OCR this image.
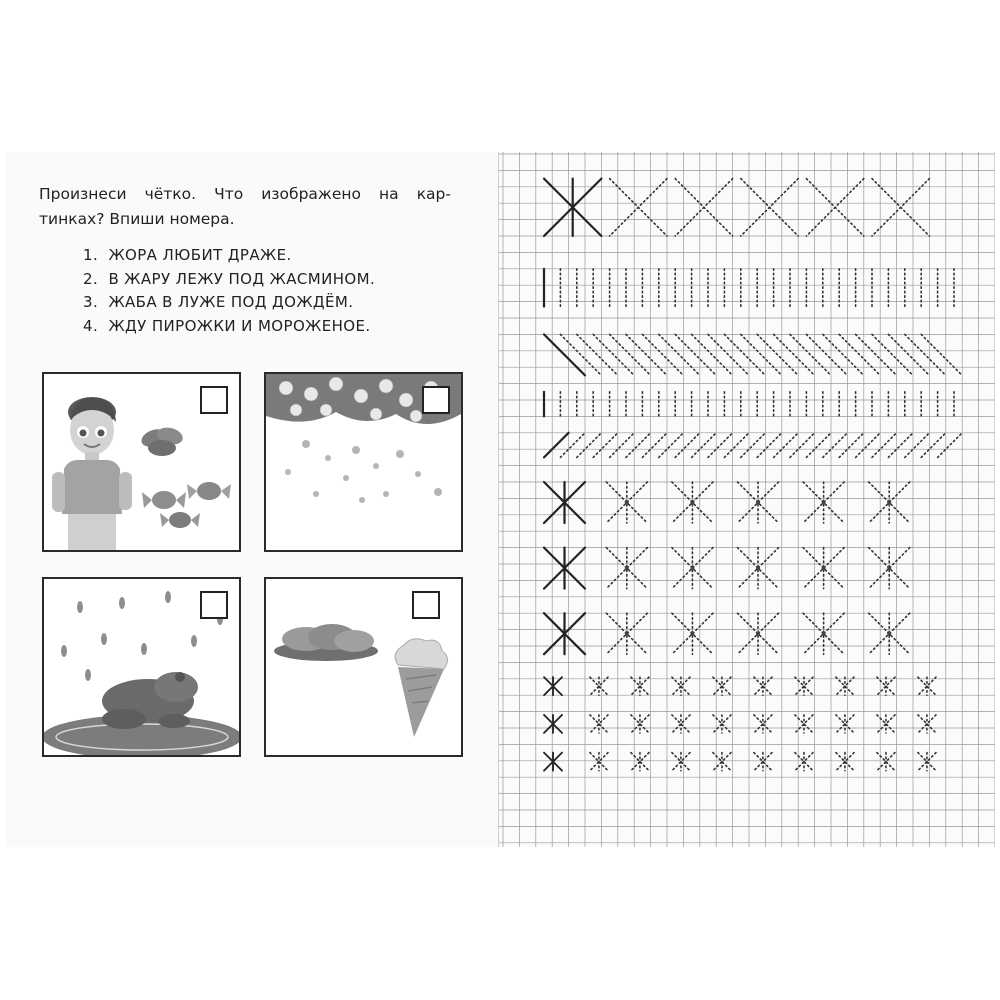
Произнеси чётко. Что изображено на кар-
тинках? Впиши номера.
1.  ЖОРА ЛЮБИТ ДРАЖЕ.
2.  В ЖАРУ ЛЕЖУ ПОД ЖАСМИНОМ.
3.  ЖАБА В ЛУЖЕ ПОД ДОЖДЁМ.
4.  ЖДУ ПИРОЖКИ И МОРОЖЕНОЕ.
